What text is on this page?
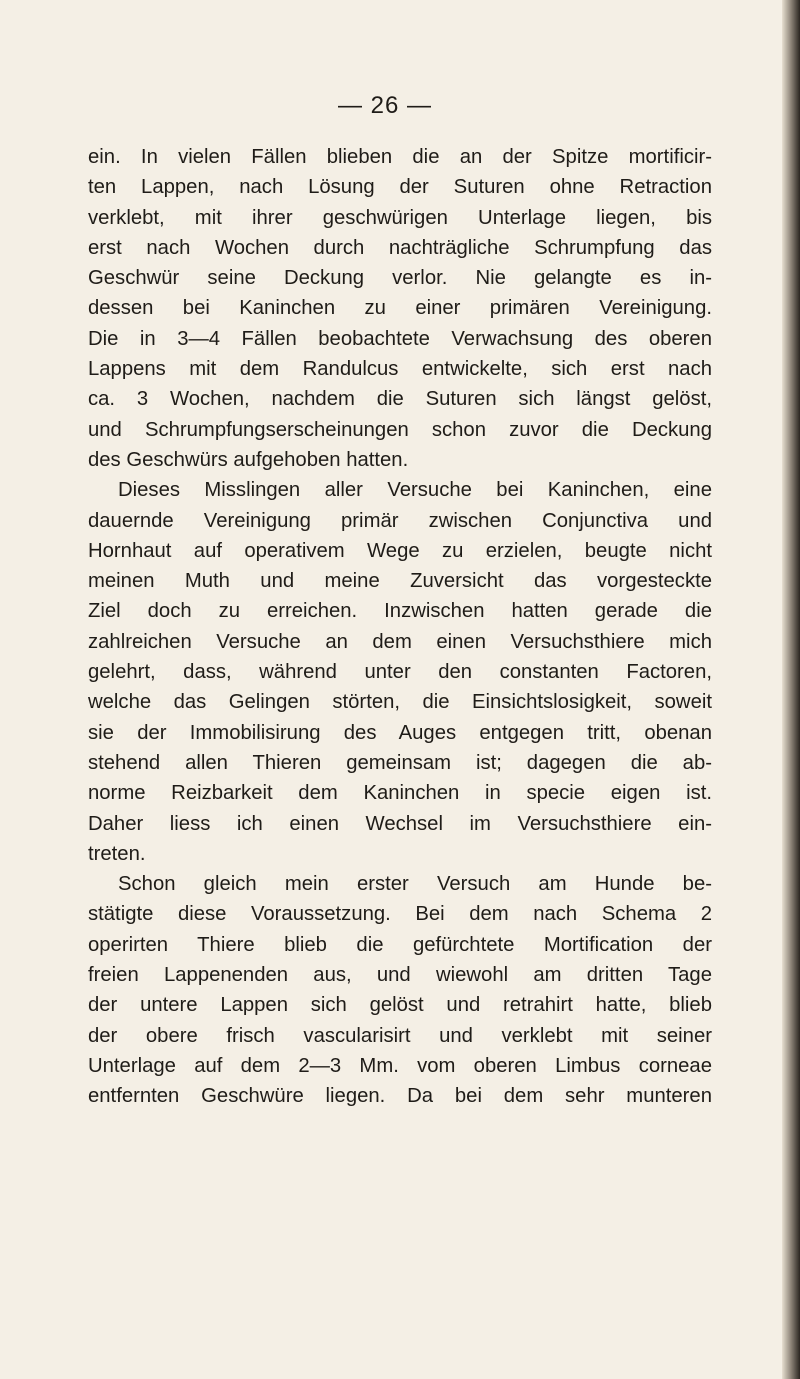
— 26 —
ein. In vielen Fällen blieben die an der Spitze mortificir-
ten Lappen, nach Lösung der Suturen ohne Retraction
verklebt, mit ihrer geschwürigen Unterlage liegen, bis
erst nach Wochen durch nachträgliche Schrumpfung das
Geschwür seine Deckung verlor. Nie gelangte es in-
dessen bei Kaninchen zu einer primären Vereinigung.
Die in 3—4 Fällen beobachtete Verwachsung des oberen
Lappens mit dem Randulcus entwickelte, sich erst nach
ca. 3 Wochen, nachdem die Suturen sich längst gelöst,
und Schrumpfungserscheinungen schon zuvor die Deckung
des Geschwürs aufgehoben hatten.
Dieses Misslingen aller Versuche bei Kaninchen, eine
dauernde Vereinigung primär zwischen Conjunctiva und
Hornhaut auf operativem Wege zu erzielen, beugte nicht
meinen Muth und meine Zuversicht das vorgesteckte
Ziel doch zu erreichen. Inzwischen hatten gerade die
zahlreichen Versuche an dem einen Versuchsthiere mich
gelehrt, dass, während unter den constanten Factoren,
welche das Gelingen störten, die Einsichtslosigkeit, soweit
sie der Immobilisirung des Auges entgegen tritt, obenan
stehend allen Thieren gemeinsam ist; dagegen die ab-
norme Reizbarkeit dem Kaninchen in specie eigen ist.
Daher liess ich einen Wechsel im Versuchsthiere ein-
treten.
Schon gleich mein erster Versuch am Hunde be-
stätigte diese Voraussetzung. Bei dem nach Schema 2
operirten Thiere blieb die gefürchtete Mortification der
freien Lappenenden aus, und wiewohl am dritten Tage
der untere Lappen sich gelöst und retrahirt hatte, blieb
der obere frisch vascularisirt und verklebt mit seiner
Unterlage auf dem 2—3 Mm. vom oberen Limbus corneae
entfernten Geschwüre liegen. Da bei dem sehr munteren
